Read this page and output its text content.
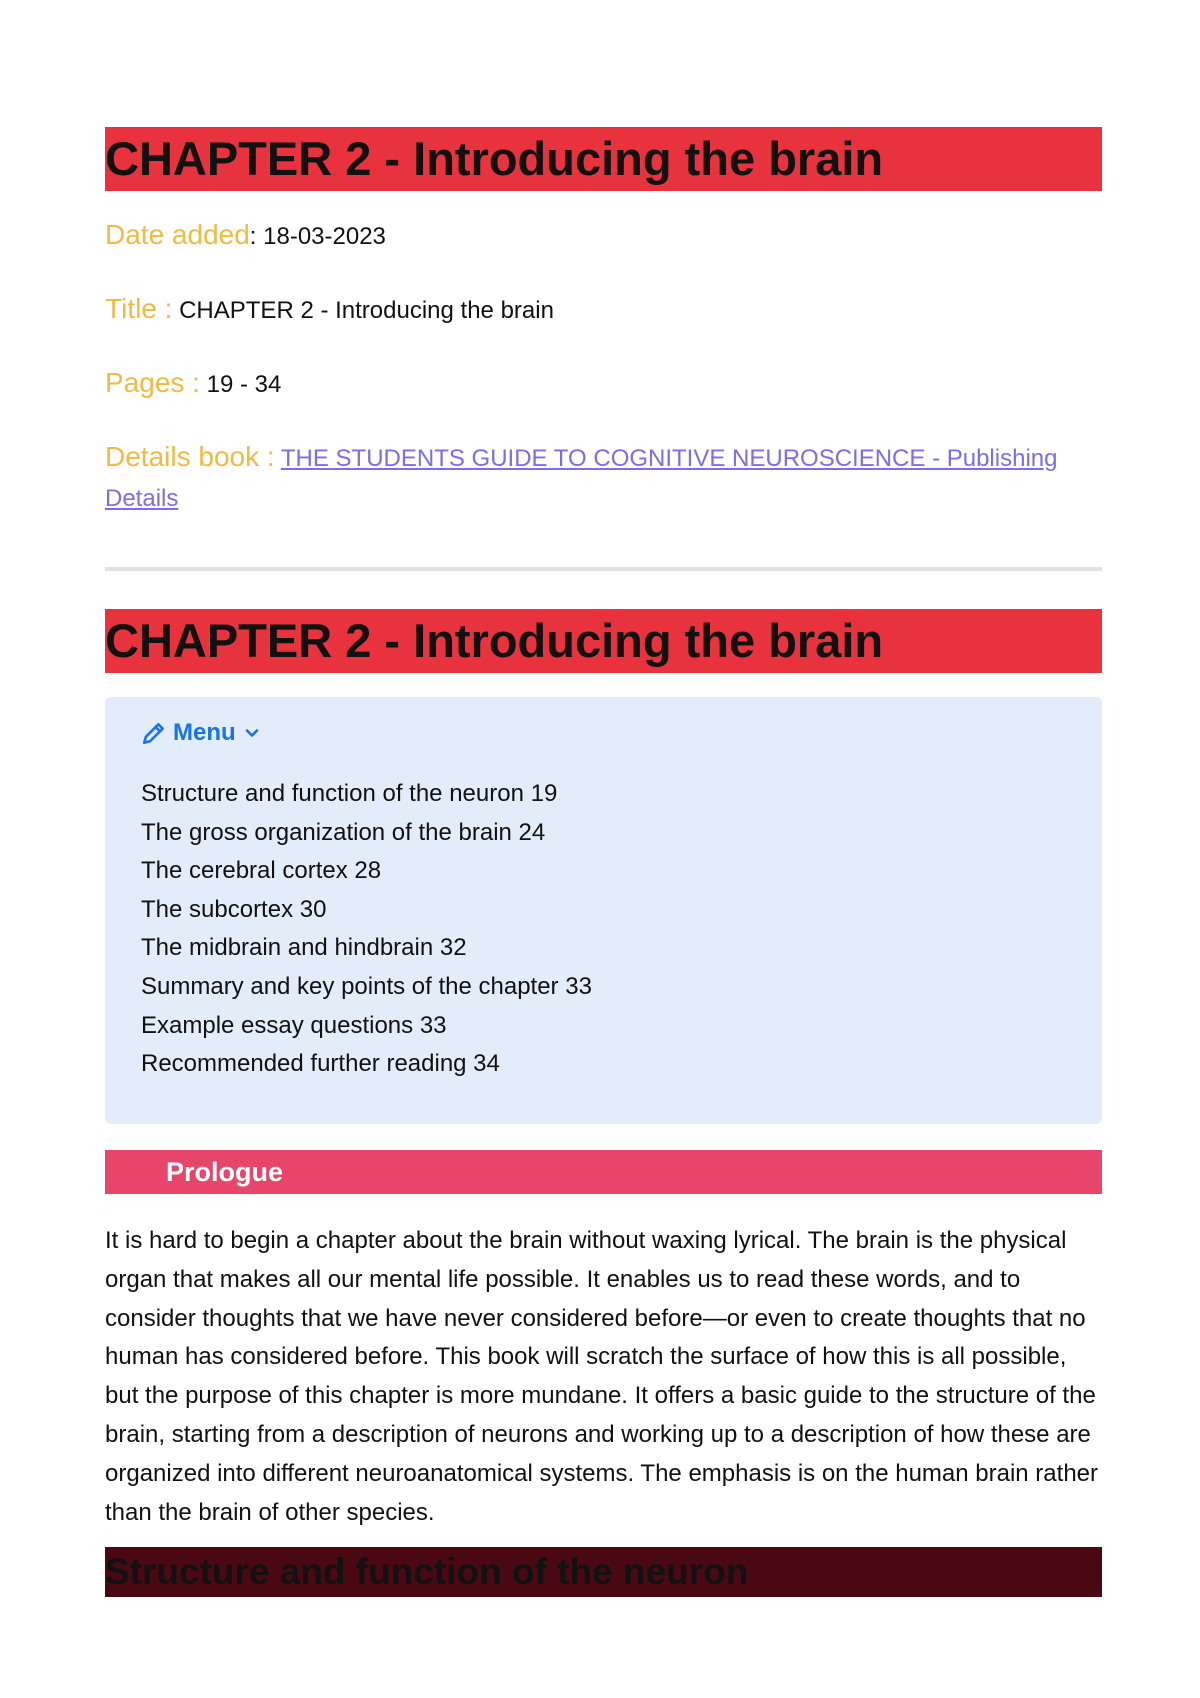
CHAPTER 2 - Introducing the brain

Date added: 18-03-2023

Title : CHAPTER 2 - Introducing the brain

Pages : 19 - 34

Details book : THE STUDENTS GUIDE TO COGNITIVE NEUROSCIENCE - Publishing Details

CHAPTER 2 - Introducing the brain
Menu
Structure and function of the neuron 19
The gross organization of the brain 24
The cerebral cortex 28
The subcortex 30
The midbrain and hindbrain 32
Summary and key points of the chapter 33
Example essay questions 33
Recommended further reading 34
Prologue

It is hard to begin a chapter about the brain without waxing lyrical. The brain is the physical organ that makes all our mental life possible. It enables us to read these words, and to consider thoughts that we have never considered before—or even to create thoughts that no human has considered before. This book will scratch the surface of how this is all possible, but the purpose of this chapter is more mundane. It offers a basic guide to the structure of the brain, starting from a description of neurons and working up to a description of how these are organized into different neuroanatomical systems. The emphasis is on the human brain rather than the brain of other species.

Structure and function of the neuron
